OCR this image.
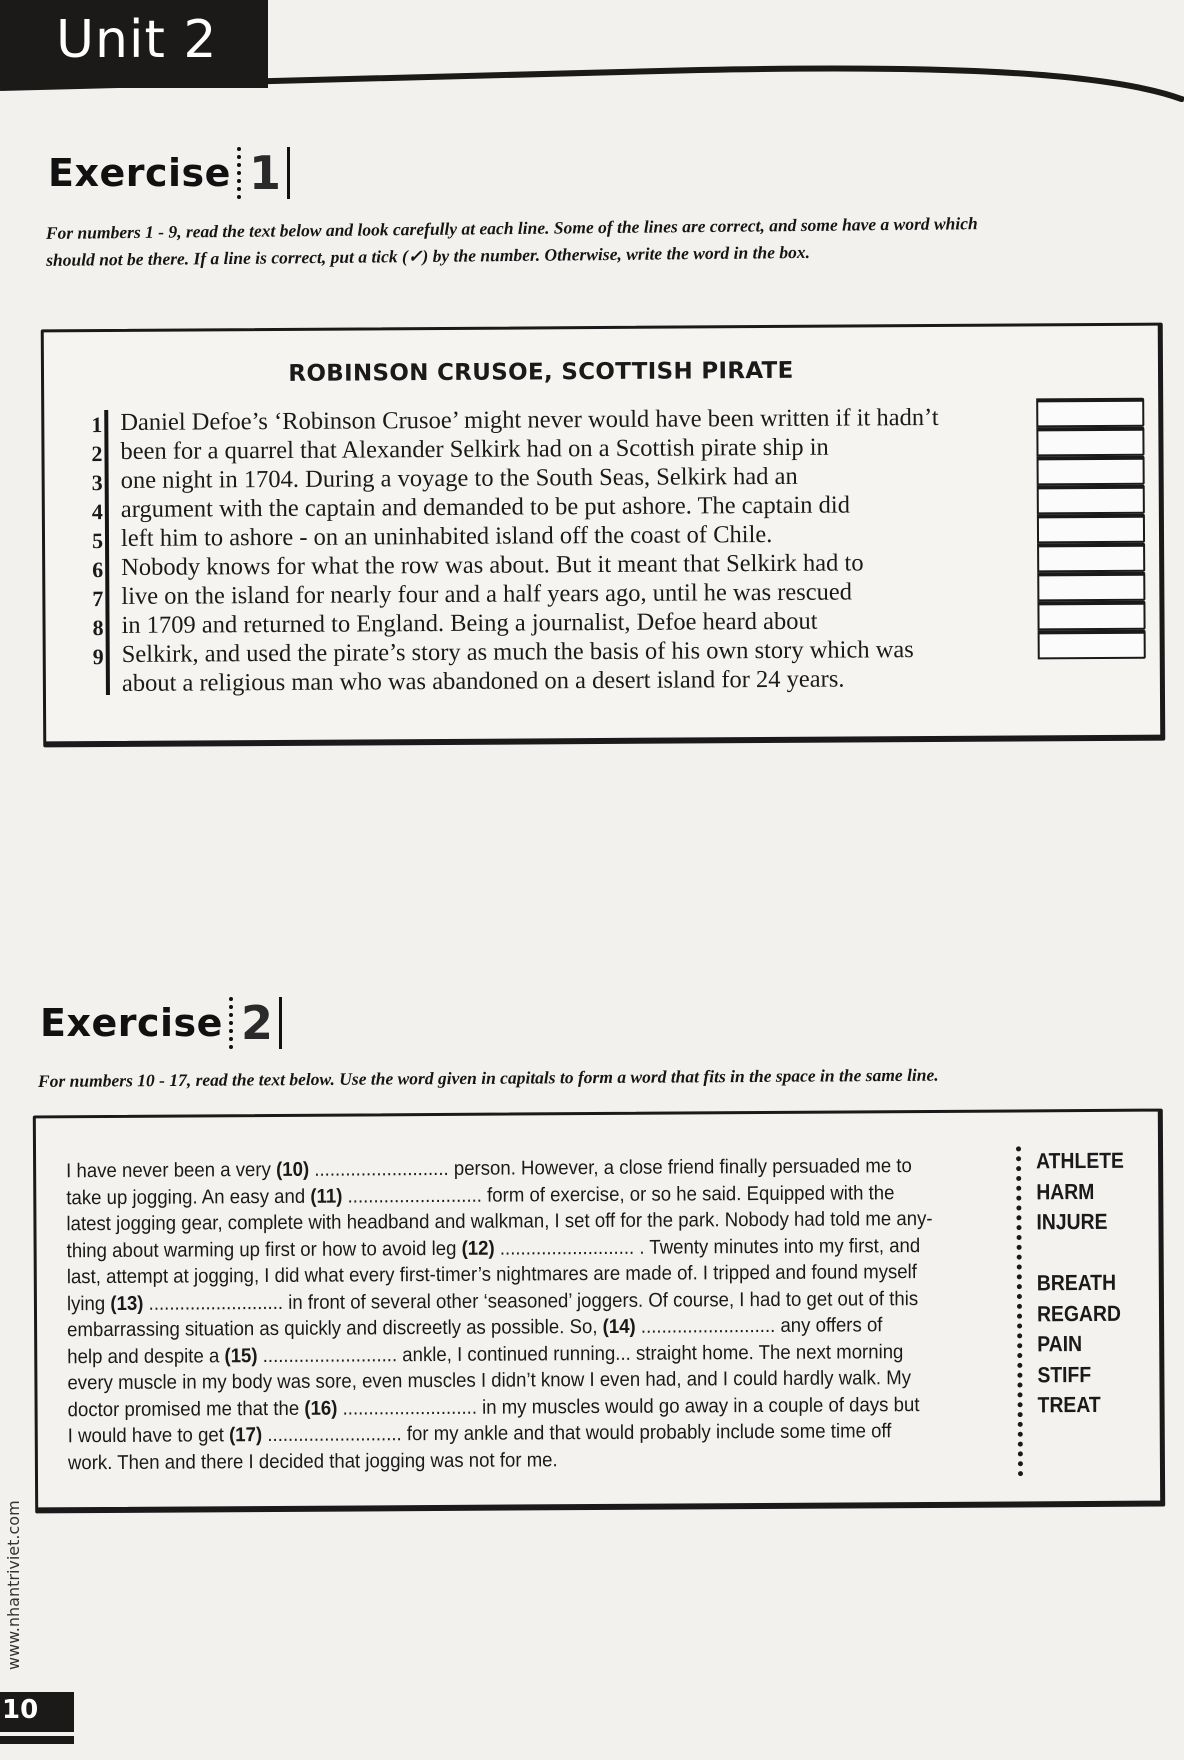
Unit 2
Exercise 1
For numbers 1 - 9, read the text below and look carefully at each line. Some of the lines are correct, and some have a word which
should not be there. If a line is correct, put a tick (✓) by the number. Otherwise, write the word in the box.
ROBINSON CRUSOE, SCOTTISH PIRATE
1
2
3
4
5
6
7
8
9
Daniel Defoe’s ‘Robinson Crusoe’ might never would have been written if it hadn’t
been for a quarrel that Alexander Selkirk had on a Scottish pirate ship in
one night in 1704. During a voyage to the South Seas, Selkirk had an
argument with the captain and demanded to be put ashore. The captain did
left him to ashore - on an uninhabited island off the coast of Chile.
Nobody knows for what the row was about. But it meant that Selkirk had to
live on the island for nearly four and a half years ago, until he was rescued
in 1709 and returned to England. Being a journalist, Defoe heard about
Selkirk, and used the pirate’s story as much the basis of his own story which was
about a religious man who was abandoned on a desert island for 24 years.
Exercise 2
For numbers 10 - 17, read the text below. Use the word given in capitals to form a word that fits in the space in the same line.
I have never been a very (10) .......................... person. However, a close friend finally persuaded me to
take up jogging. An easy and (11) .......................... form of exercise, or so he said. Equipped with the
latest jogging gear, complete with headband and walkman, I set off for the park. Nobody had told me any-
thing about warming up first or how to avoid leg (12) .......................... . Twenty minutes into my first, and
last, attempt at jogging, I did what every first-timer’s nightmares are made of. I tripped and found myself
lying (13) .......................... in front of several other ‘seasoned’ joggers. Of course, I had to get out of this
embarrassing situation as quickly and discreetly as possible. So, (14) .......................... any offers of
help and despite a (15) .......................... ankle, I continued running... straight home. The next morning
every muscle in my body was sore, even muscles I didn’t know I even had, and I could hardly walk. My
doctor promised me that the (16) .......................... in my muscles would go away in a couple of days but
I would have to get (17) .......................... for my ankle and that would probably include some time off
work. Then and there I decided that jogging was not for me.
ATHLETE
HARM
INJURE
BREATH
REGARD
PAIN
STIFF
TREAT
www.nhantriviet.com
10
